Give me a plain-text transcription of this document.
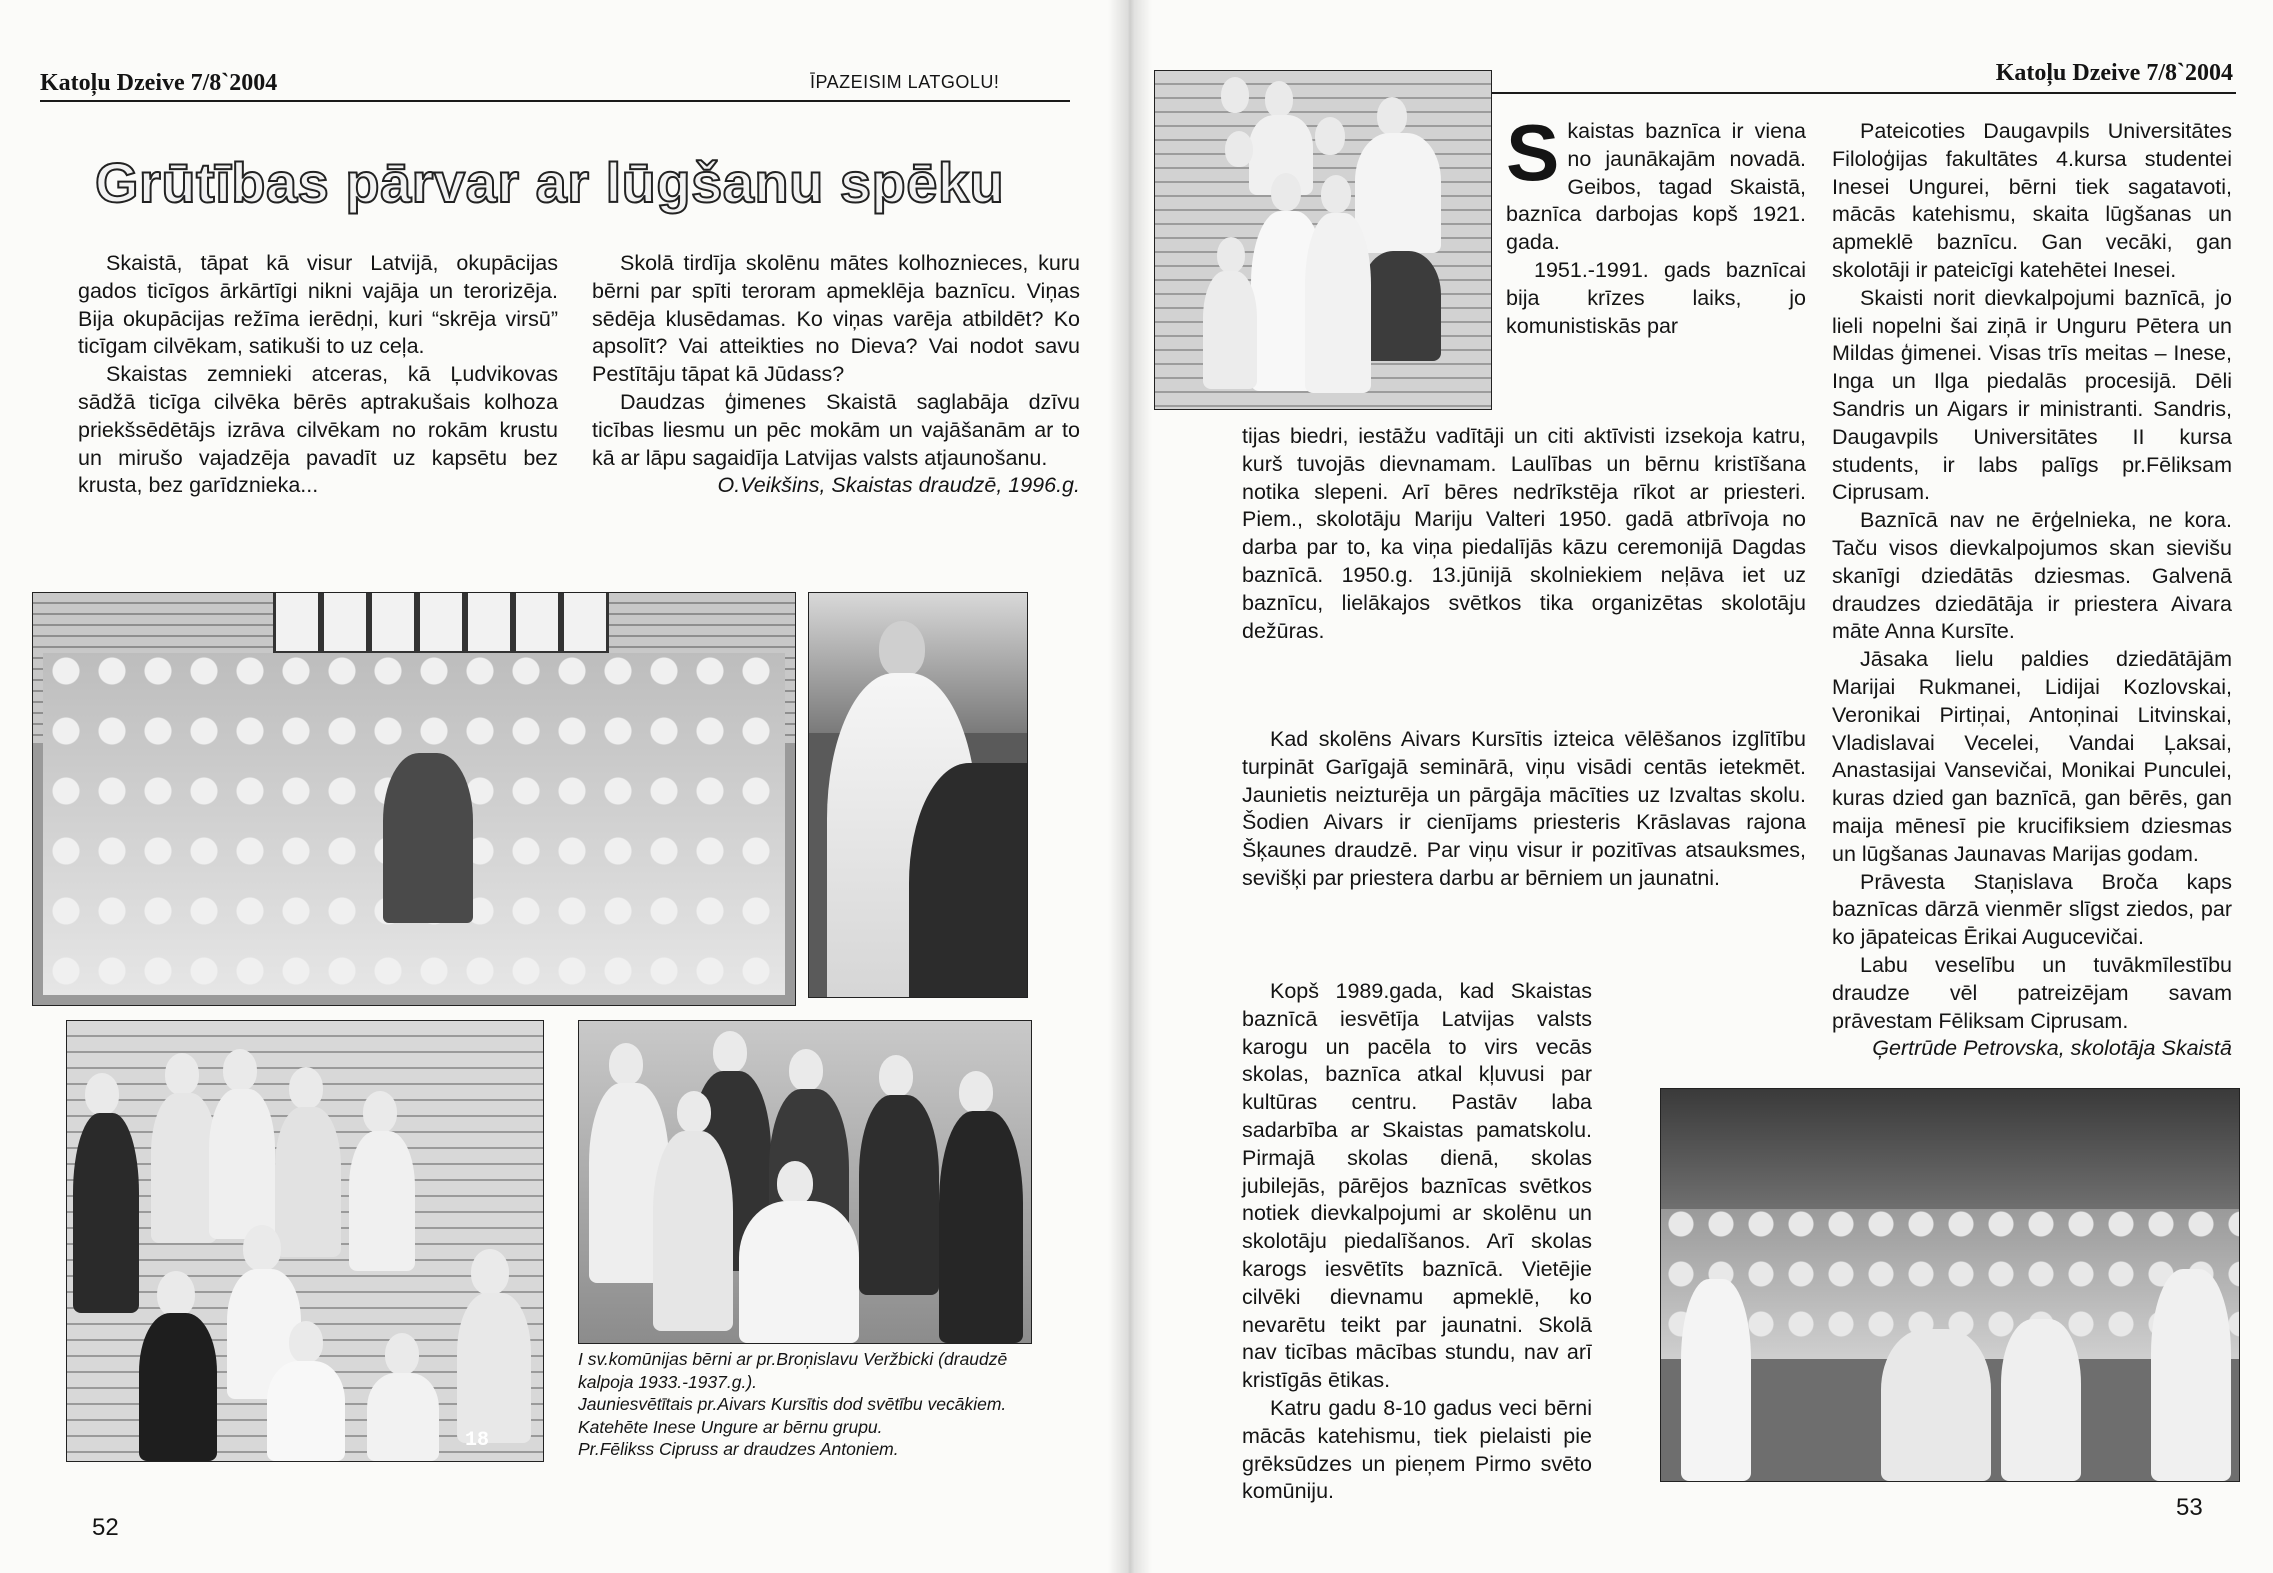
Katoļu Dzeive 7/8`2004	ĪPAZEISIM LATGOLU!
Grūtības pārvar ar lūgšanu spēku

Skaistā, tāpat kā visur Latvijā, okupācijas gados ticīgos ārkārtīgi nikni vajāja un terorizēja. Bija okupācijas režīma ierēdņi, kuri “skrēja virsū” ticīgam cilvēkam, satikuši to uz ceļa.

Skaistas zemnieki atceras, kā Ļudvikovas sādžā ticīga cilvēka bērēs aptrakušais kolhoza priekšsēdētājs izrāva cilvēkam no rokām krustu un mirušo vajadzēja pavadīt uz kapsētu bez krusta, bez garīdznieka...

Skolā tirdīja skolēnu mātes kolhoznieces, kuru bērni par spīti teroram apmeklēja baznīcu. Viņas sēdēja klusēdamas. Ko viņas varēja atbildēt? Ko apsolīt? Vai atteikties no Dieva? Vai nodot savu Pestītāju tāpat kā Jūdass?

Daudzas ģimenes Skaistā saglabāja dzīvu ticības liesmu un pēc mokām un vajāšanām ar to kā ar lāpu sagaidīja Latvijas valsts atjaunošanu.

O.Veikšins, Skaistas draudzē, 1996.g.

18
I sv.komūnijas bērni ar pr.Broņislavu Veržbicki (draudzē kalpoja 1933.-1937.g.).
Jauniesvētītais pr.Aivars Kursītis dod svētību vecākiem.
Katehēte Inese Ungure ar bērnu grupu.
Pr.Fēlikss Cipruss ar draudzes Antoniem.
52
Katoļu Dzeive 7/8`2004
S kaistas baznīca ir viena no jaunākajām novadā. Geibos, tagad Skaistā, baznīca darbojas kopš 1921. gada.

1951.-1991. gads baznīcai bija krīzes laiks, jo komunistiskās par

tijas biedri, iestāžu vadītāji un citi aktīvisti izsekoja katru, kurš tuvojās dievnamam. Laulības un bērnu kristīšana notika slepeni. Arī bēres nedrīkstēja rīkot ar priesteri. Piem., skolotāju Mariju Valteri 1950. gadā atbrīvoja no darba par to, ka viņa piedalījās kāzu ceremonijā Dagdas baznīcā. 1950.g. 13.jūnijā skolniekiem neļāva iet uz baznīcu, lielākajos svētkos tika organizētas skolotāju dežūras.

Kad skolēns Aivars Kursītis izteica vēlēšanos izglītību turpināt Garīgajā seminārā, viņu visādi centās ietekmēt. Jaunietis neizturēja un pārgāja mācīties uz Izvaltas skolu. Šodien Aivars ir cienījams priesteris Krāslavas rajona Šķaunes draudzē. Par viņu visur ir pozitīvas atsauksmes, sevišķi par priestera darbu ar bērniem un jaunatni.

Kopš 1989.gada, kad Skaistas baznīcā iesvētīja Latvijas valsts karogu un pacēla to virs vecās skolas, baznīca atkal kļuvusi par kultūras centru. Pastāv laba sadarbība ar Skaistas pamatskolu. Pirmajā skolas dienā, skolas jubilejās, pārējos baznīcas svētkos notiek dievkalpojumi ar skolēnu un skolotāju piedalīšanos. Arī skolas karogs iesvētīts baznīcā. Vietējie cilvēki dievnamu apmeklē, ko nevarētu teikt par jaunatni. Skolā nav ticības mācības stundu, nav arī kristīgās ētikas.

Katru gadu 8-10 gadus veci bērni mācās katehismu, tiek pielaisti pie grēksūdzes un pieņem Pirmo svēto komūniju.

Pateicoties Daugavpils Universitātes Filoloģijas fakultātes 4.kursa studentei Inesei Ungurei, bērni tiek sagatavoti, mācās katehismu, skaita lūgšanas un apmeklē baznīcu. Gan vecāki, gan skolotāji ir pateicīgi katehētei Inesei.

Skaisti norit dievkalpojumi baznīcā, jo lieli nopelni šai ziņā ir Unguru Pētera un Mildas ģimenei. Visas trīs meitas – Inese, Inga un Ilga piedalās procesijā. Dēli Sandris un Aigars ir ministranti. Sandris, Daugavpils Universitātes II kursa students, ir labs palīgs pr.Fēliksam Ciprusam.

Baznīcā nav ne ērģelnieka, ne kora. Taču visos dievkalpojumos skan sievišu skanīgi dziedātās dziesmas. Galvenā draudzes dziedātāja ir priestera Aivara māte Anna Kursīte.

Jāsaka lielu paldies dziedātājām Marijai Rukmanei, Lidijai Kozlovskai, Veronikai Pirtiņai, Antoņinai Litvinskai, Vladislavai Vecelei, Vandai Ļaksai, Anastasijai Vansevičai, Monikai Punculei, kuras dzied gan baznīcā, gan bērēs, gan maija mēnesī pie krucifiksiem dziesmas un lūgšanas Jaunavas Marijas godam.

Prāvesta Staņislava Broča kaps baznīcas dārzā vienmēr slīgst ziedos, par ko jāpateicas Ērikai Augucevičai.

Labu veselību un tuvākmīlestību draudze vēl patreizējam savam prāvestam Fēliksam Ciprusam.

Ģertrūde Petrovska, skolotāja Skaistā

53
